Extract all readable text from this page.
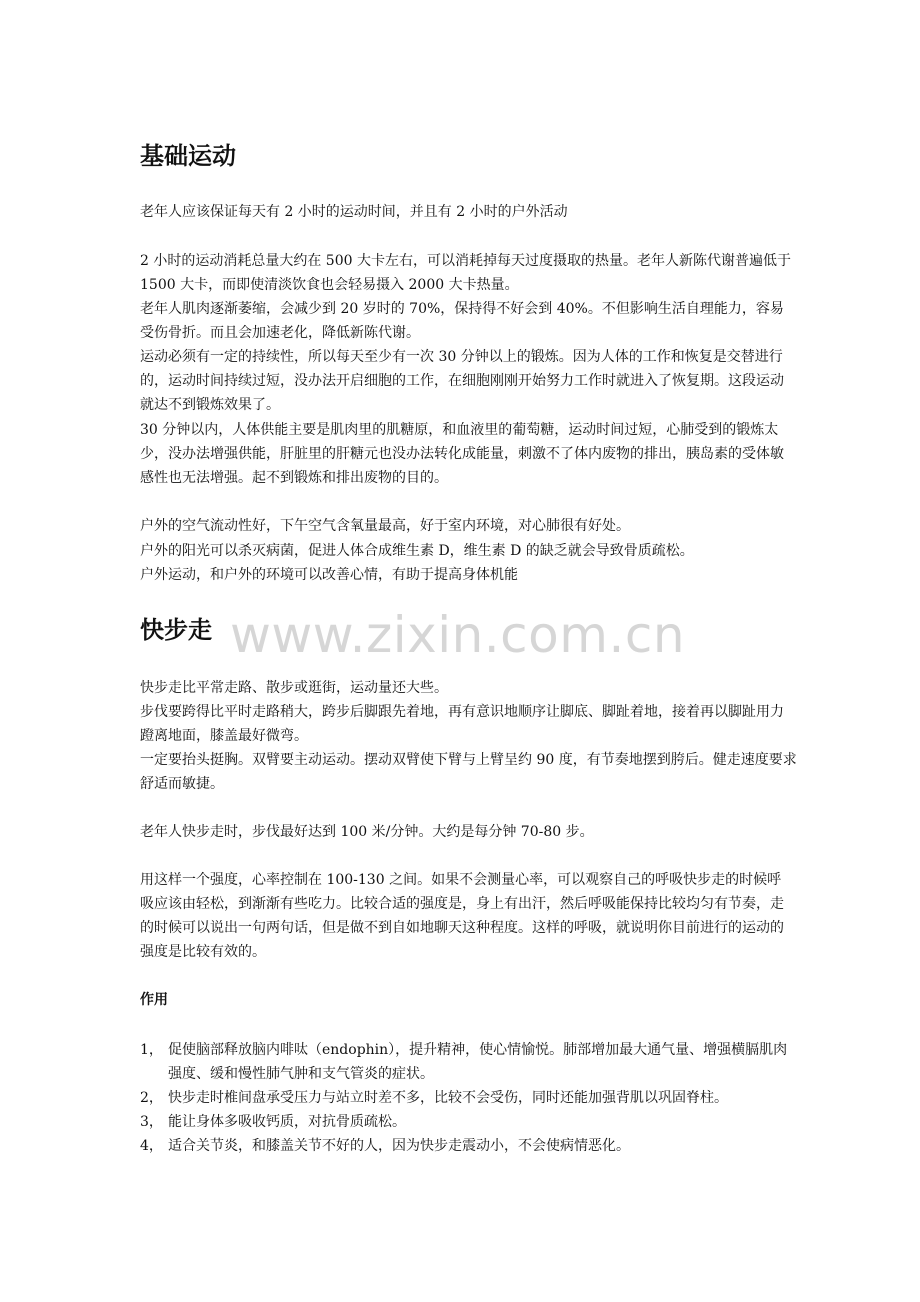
基础运动

老年人应该保证每天有 2 小时的运动时间，并且有 2 小时的户外活动

2 小时的运动消耗总量大约在 500 大卡左右，可以消耗掉每天过度摄取的热量。老年人新陈代谢普遍低于 1500 大卡，而即使清淡饮食也会轻易摄入 2000 大卡热量。

老年人肌肉逐渐萎缩，会减少到 20 岁时的 70%，保持得不好会到 40%。不但影响生活自理能力，容易受伤骨折。而且会加速老化，降低新陈代谢。

运动必须有一定的持续性，所以每天至少有一次 30 分钟以上的锻炼。因为人体的工作和恢复是交替进行的，运动时间持续过短，没办法开启细胞的工作，在细胞刚刚开始努力工作时就进入了恢复期。这段运动就达不到锻炼效果了。

30 分钟以内，人体供能主要是肌肉里的肌糖原，和血液里的葡萄糖，运动时间过短，心肺受到的锻炼太少，没办法增强供能，肝脏里的肝糖元也没办法转化成能量，刺激不了体内废物的排出，胰岛素的受体敏感性也无法增强。起不到锻炼和排出废物的目的。

户外的空气流动性好，下午空气含氧量最高，好于室内环境，对心肺很有好处。

户外的阳光可以杀灭病菌，促进人体合成维生素 D，维生素 D 的缺乏就会导致骨质疏松。

户外运动，和户外的环境可以改善心情，有助于提高身体机能

快步走 www.zixin.com.cn

快步走比平常走路、散步或逛街，运动量还大些。

步伐要跨得比平时走路稍大，跨步后脚跟先着地，再有意识地顺序让脚底、脚趾着地，接着再以脚趾用力蹬离地面，膝盖最好微弯。

一定要抬头挺胸。双臂要主动运动。摆动双臂使下臂与上臂呈约 90 度，有节奏地摆到胯后。健走速度要求舒适而敏捷。

老年人快步走时，步伐最好达到 100 米/分钟。大约是每分钟 70-80 步。

用这样一个强度，心率控制在 100-130 之间。如果不会测量心率，可以观察自己的呼吸快步走的时候呼吸应该由轻松，到渐渐有些吃力。比较合适的强度是，身上有出汗，然后呼吸能保持比较均匀有节奏，走的时候可以说出一句两句话，但是做不到自如地聊天这种程度。这样的呼吸，就说明你目前进行的运动的强度是比较有效的。

作用
1， 促使脑部释放脑内啡呔（endophin），提升精神，使心情愉悦。肺部增加最大通气量、增强横膈肌肉强度、缓和慢性肺气肿和支气管炎的症状。
2， 快步走时椎间盘承受压力与站立时差不多，比较不会受伤，同时还能加强背肌以巩固脊柱。
3， 能让身体多吸收钙质，对抗骨质疏松。
4， 适合关节炎，和膝盖关节不好的人，因为快步走震动小，不会使病情恶化。
